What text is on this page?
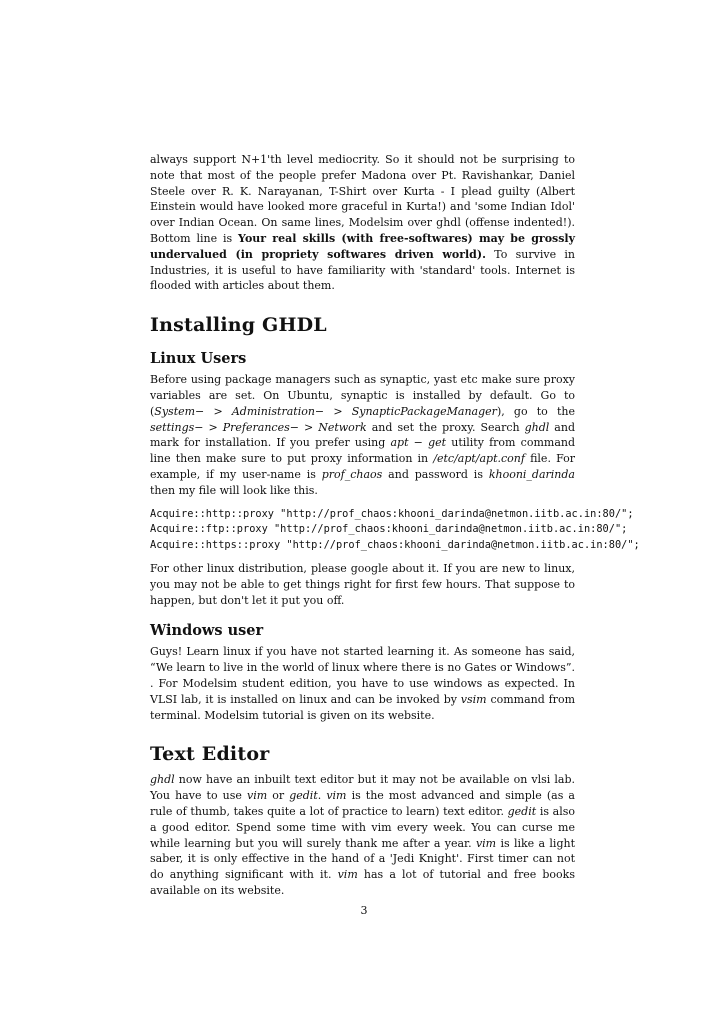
always support N+1'th level mediocrity. So it should not be surprising to note that most of the people prefer Madona over Pt. Ravishankar, Daniel Steele over R. K. Narayanan, T-Shirt over Kurta - I plead guilty (Albert Einstein would have looked more graceful in Kurta!) and 'some Indian Idol' over Indian Ocean. On same lines, Modelsim over ghdl (offense indented!). Bottom line is Your real skills (with free-softwares) may be grossly undervalued (in propriety softwares driven world). To survive in Industries, it is useful to have familiarity with 'standard' tools. Internet is flooded with articles about them.

Installing GHDL
Linux Users

Before using package managers such as synaptic, yast etc make sure proxy variables are set. On Ubuntu, synaptic is installed by default. Go to (System− > Administration− > SynapticPackageManager), go to the settings− > Preferances− > Network and set the proxy. Search ghdl and mark for installation. If you prefer using apt − get utility from command line then make sure to put proxy information in /etc/apt/apt.conf file. For example, if my user-name is prof_chaos and password is khooni_darinda then my file will look like this.

Acquire::http::proxy "http://prof_chaos:khooni_darinda@netmon.iitb.ac.in:80/";
Acquire::ftp::proxy "http://prof_chaos:khooni_darinda@netmon.iitb.ac.in:80/";
Acquire::https::proxy "http://prof_chaos:khooni_darinda@netmon.iitb.ac.in:80/";

For other linux distribution, please google about it. If you are new to linux, you may not be able to get things right for first few hours. That suppose to happen, but don't let it put you off.

Windows user

Guys! Learn linux if you have not started learning it. As someone has said, “We learn to live in the world of linux where there is no Gates or Windows”. . For Modelsim student edition, you have to use windows as expected. In VLSI lab, it is installed on linux and can be invoked by vsim command from terminal. Modelsim tutorial is given on its website.

Text Editor

ghdl now have an inbuilt text editor but it may not be available on vlsi lab. You have to use vim or gedit. vim is the most advanced and simple (as a rule of thumb, takes quite a lot of practice to learn) text editor. gedit is also a good editor. Spend some time with vim every week. You can curse me while learning but you will surely thank me after a year. vim is like a light saber, it is only effective in the hand of a 'Jedi Knight'. First timer can not do anything significant with it. vim has a lot of tutorial and free books available on its website.

3
